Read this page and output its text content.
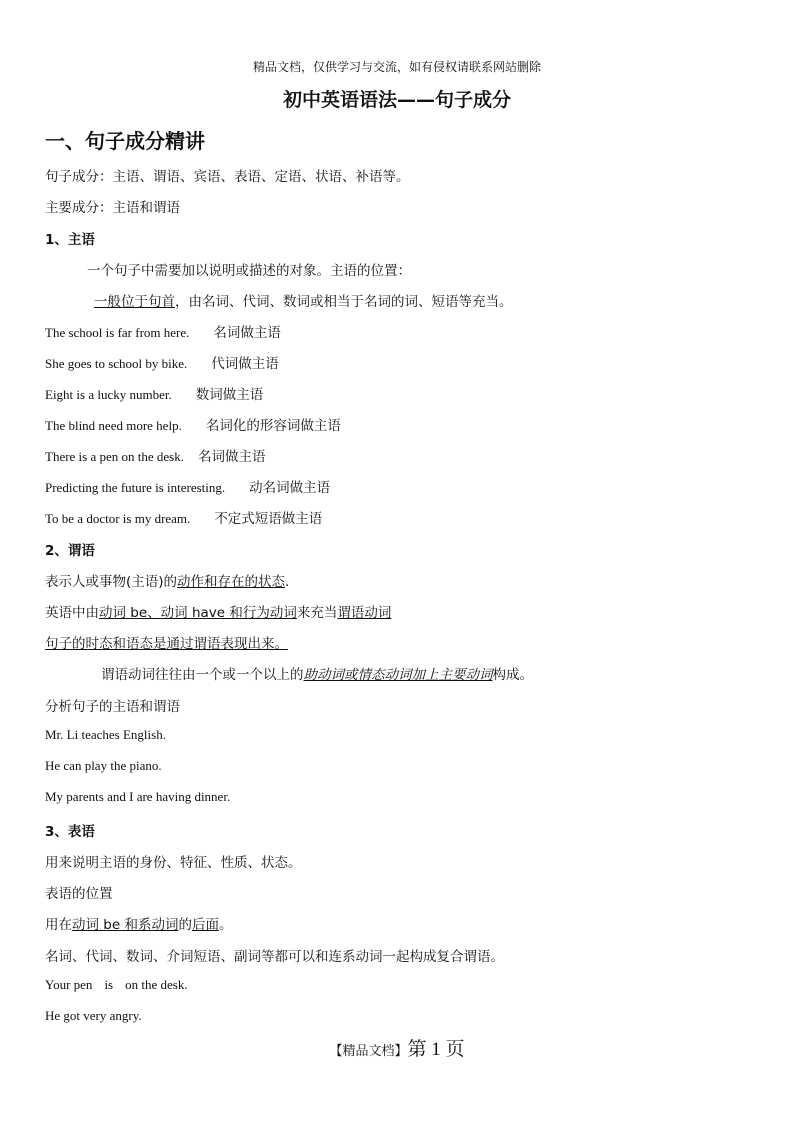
精品文档，仅供学习与交流，如有侵权请联系网站删除
初中英语语法——句子成分
一、句子成分精讲
句子成分：主语、谓语、宾语、表语、定语、状语、补语等。
主要成分：主语和谓语
1、主语
一个句子中需要加以说明或描述的对象。主语的位置：
一般位于句首，由名词、代词、数词或相当于名词的词、短语等充当。
The school is far from here. 名词做主语
She goes to school by bike. 代词做主语
Eight is a lucky number. 数词做主语
The blind need more help. 名词化的形容词做主语
There is a pen on the desk. 名词做主语
Predicting the future is interesting. 动名词做主语
To be a doctor is my dream. 不定式短语做主语
2、谓语
表示人或事物(主语)的动作和存在的状态.
英语中由动词 be、动词 have 和行为动词来充当谓语动词
句子的时态和语态是通过谓语表现出来。
谓语动词往往由一个或一个以上的助动词或情态动词加上主要动词构成。
分析句子的主语和谓语
Mr. Li teaches English.
He can play the piano.
My parents and I are having dinner.
3、表语
用来说明主语的身份、特征、性质、状态。
表语的位置
用在动词 be 和系动词的后面。
名词、代词、数词、介词短语、副词等都可以和连系动词一起构成复合谓语。
Your pen is on the desk.
He got very angry.
【精品文档】第 1 页
